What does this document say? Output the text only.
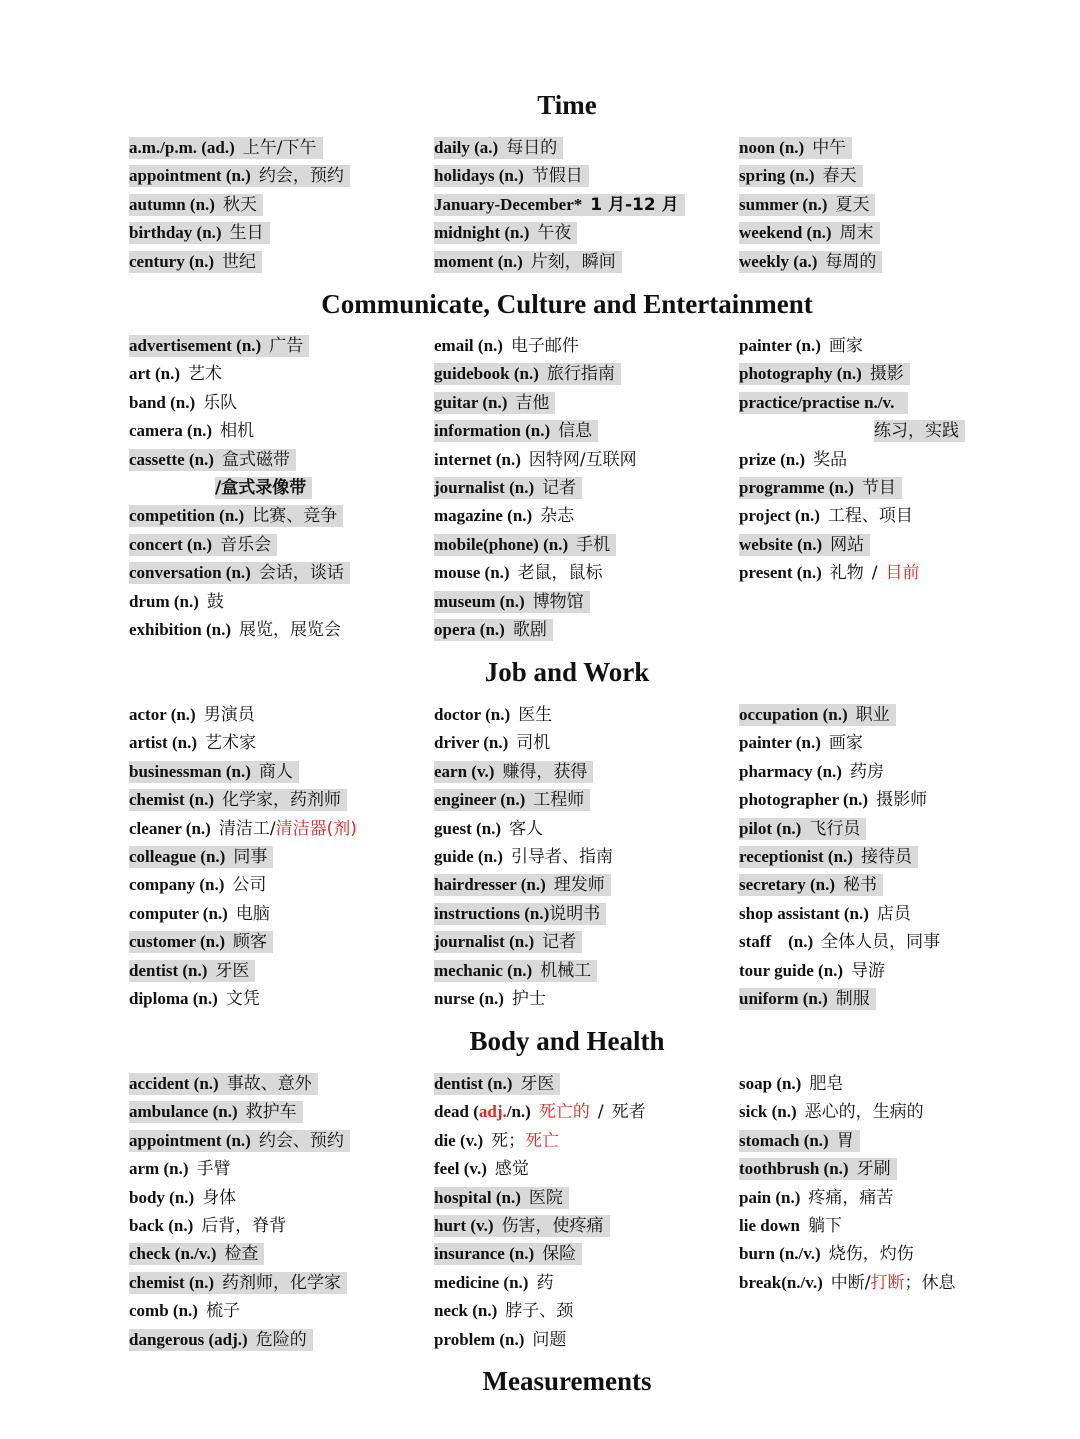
Time
a.m./p.m. (ad.) 上午/下午
appointment (n.) 约会，预约
autumn (n.) 秋天
birthday (n.) 生日
century (n.) 世纪
daily (a.) 每日的
holidays (n.) 节假日
January-December* 1 月-12 月
midnight (n.) 午夜
moment (n.) 片刻，瞬间
noon (n.) 中午
spring (n.) 春天
summer (n.) 夏天
weekend (n.) 周末
weekly (a.) 每周的
Communicate, Culture and Entertainment
advertisement (n.) 广告
art (n.) 艺术
band (n.) 乐队
camera (n.) 相机
cassette (n.) 盒式磁带
/盒式录像带
competition (n.) 比赛、竞争
concert (n.) 音乐会
conversation (n.) 会话，谈话
drum (n.) 鼓
exhibition (n.) 展览，展览会
email (n.) 电子邮件
guidebook (n.) 旅行指南
guitar (n.) 吉他
information (n.) 信息
internet (n.) 因特网/互联网
journalist (n.) 记者
magazine (n.) 杂志
mobile(phone) (n.) 手机
mouse (n.) 老鼠，鼠标
museum (n.) 博物馆
opera (n.) 歌剧
painter (n.) 画家
photography (n.) 摄影
practice/practise n./v.
练习，实践
prize (n.) 奖品
programme (n.) 节目
project (n.) 工程、项目
website (n.) 网站
present (n.) 礼物 / 目前
Job and Work
actor (n.) 男演员
artist (n.) 艺术家
businessman (n.) 商人
chemist (n.) 化学家，药剂师
cleaner (n.) 清洁工/清洁器(剂)
colleague (n.) 同事
company (n.) 公司
computer (n.) 电脑
customer (n.) 顾客
dentist (n.) 牙医
diploma (n.) 文凭
doctor (n.) 医生
driver (n.) 司机
earn (v.) 赚得，获得
engineer (n.) 工程师
guest (n.) 客人
guide (n.) 引导者、指南
hairdresser (n.) 理发师
instructions (n.)说明书
journalist (n.) 记者
mechanic (n.) 机械工
nurse (n.) 护士
occupation (n.) 职业
painter (n.) 画家
pharmacy (n.) 药房
photographer (n.) 摄影师
pilot (n.) 飞行员
receptionist (n.) 接待员
secretary (n.) 秘书
shop assistant (n.) 店员
staff    (n.) 全体人员，同事
tour guide (n.) 导游
uniform (n.) 制服
Body and Health
accident (n.) 事故、意外
ambulance (n.) 救护车
appointment (n.) 约会、预约
arm (n.) 手臂
body (n.) 身体
back (n.) 后背，脊背
check (n./v.) 检查
chemist (n.) 药剂师，化学家
comb (n.) 梳子
dangerous (adj.) 危险的
dentist (n.) 牙医
dead (adj./n.) 死亡的 / 死者
die (v.) 死；死亡
feel (v.) 感觉
hospital (n.) 医院
hurt (v.) 伤害，使疼痛
insurance (n.) 保险
medicine (n.) 药
neck (n.) 脖子、颈
problem (n.) 问题
soap (n.) 肥皂
sick (n.) 恶心的，生病的
stomach (n.) 胃
toothbrush (n.) 牙刷
pain (n.) 疼痛，痛苦
lie down 躺下
burn (n./v.) 烧伤，灼伤
break(n./v.) 中断/打断；休息
Measurements
